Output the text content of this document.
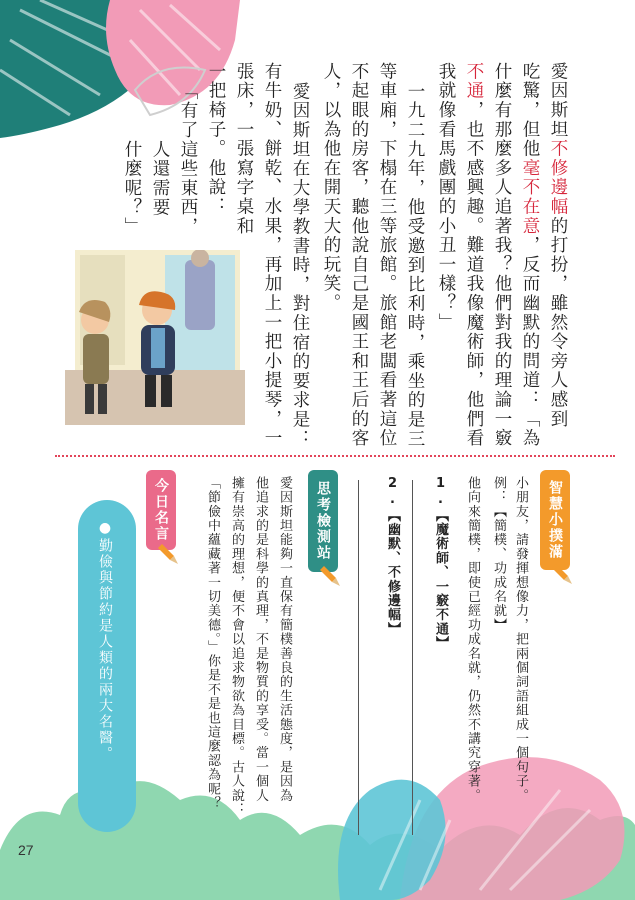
愛因斯坦不修邊幅的打扮，雖然令旁人感到
吃驚，但他毫不在意，反而幽默的問道：「為
什麼有那麼多人追著我？他們對我的理論一竅
不通，也不感興趣。難道我像魔術師，他們看
我就像看馬戲團的小丑一樣？」
一九二九年，他受邀到比利時，乘坐的是三
等車廂，下榻在三等旅館。旅館老闆看著這位
不起眼的房客，聽他說自己是國王和王后的客
人，以為他在開天大的玩笑。
愛因斯坦在大學教書時，對住宿的要求是：
有牛奶、餅乾、水果，再加上一把小提琴，一
張床，一張寫字桌和
一把椅子。他說：
「有了這些東西，
人還需要
什麼呢？」
智慧小撲滿
小朋友，請發揮想像力，把兩個詞語組成一個句子。
例：【簡樸、功成名就】
他向來簡樸，即使已經功成名就，仍然不講究穿著。
1.【魔術師、一竅不通】
2.【幽默、不修邊幅】
思考檢測站
愛因斯坦能夠一直保有簡樸善良的生活態度，是因為
他追求的是科學的真理，不是物質的享受。當一個人
擁有崇高的理想，便不會以追求物欲為目標。古人說：
「節儉中蘊藏著一切美德。」你是不是也這麼認為呢？
今日名言
●勤儉與節約是人類的兩大名醫。
27
